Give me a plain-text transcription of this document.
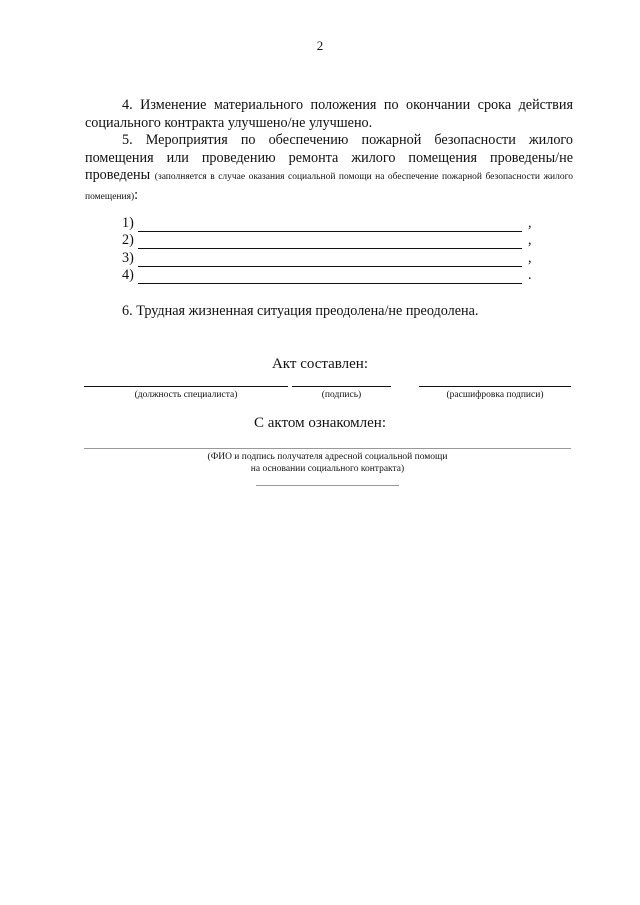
2

4. Изменение материального положения по окончании срока действия социального контракта улучшено/не улучшено.

5. Мероприятия по обеспечению пожарной безопасности жилого помещения или проведению ремонта жилого помещения проведены/не проведены (заполняется в случае оказания социальной помощи на обеспечение пожарной безопасности жилого помещения):

1)	,
2)	,
3)	,
4)	.

6. Трудная жизненная ситуация преодолена/не преодолена.

Акт составлен:
(должность специалиста)	(подпись)	(расшифровка подписи)
С актом ознакомлен:
(ФИО и подпись получателя адресной социальной помощи
на основании социального контракта)
